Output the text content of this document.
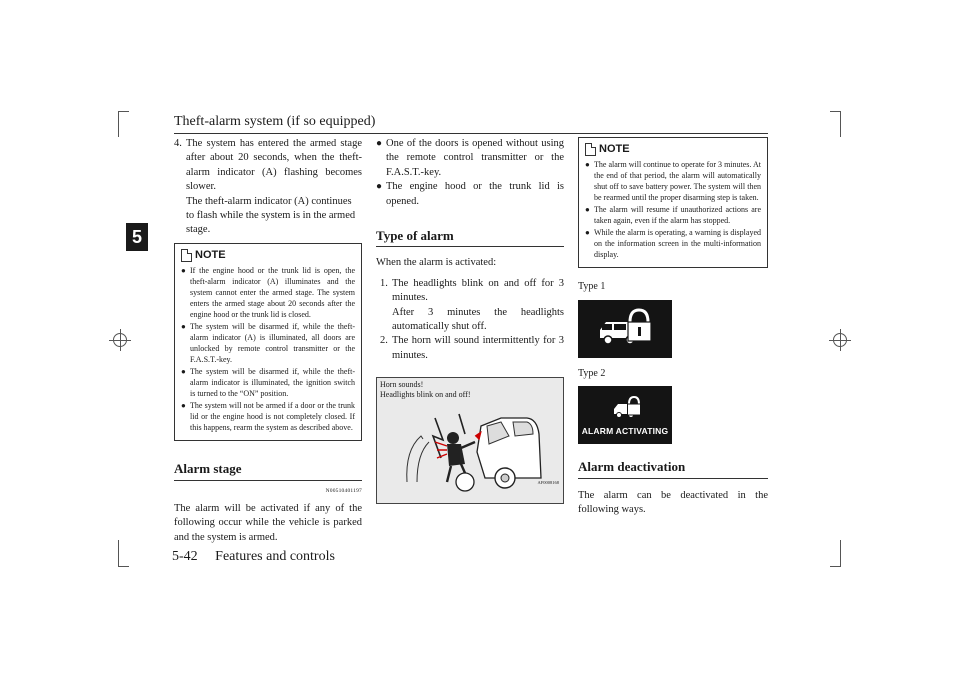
Theft-alarm system (if so equipped)
5
4. The system has entered the armed stage after about 20 seconds, when the theft-alarm indicator (A) flashing becomes slower.

The theft-alarm indicator (A) continues to flash while the system is in the armed stage.

NOTE
● If the engine hood or the trunk lid is open, the theft-alarm indicator (A) illuminates and the system cannot enter the armed stage. The system enters the armed stage about 20 seconds after the engine hood or the trunk lid is closed.
● The system will be disarmed if, while the theft-alarm indicator (A) is illuminated, all doors are unlocked by remote control transmitter or the F.A.S.T.-key.
● The system will be disarmed if, while the theft-alarm indicator is illuminated, the ignition switch is turned to the “ON” position.
● The system will not be armed if a door or the trunk lid or the engine hood is not completely closed. If this happens, rearm the system as described above.
Alarm stage
N00510401197

The alarm will be activated if any of the following occur while the vehicle is parked and the system is armed.

● One of the doors is opened without using the remote control transmitter or the F.A.S.T.-key.
● The engine hood or the trunk lid is opened.
Type of alarm

When the alarm is activated:

1. The headlights blink on and off for 3 minutes.

After 3 minutes the headlights automatically shut off.

2. The horn will sound intermittently for 3 minutes.

Horn sounds!
Headlights blink on and off!
AF0008168
NOTE
● The alarm will continue to operate for 3 minutes. At the end of that period, the alarm will automatically shut off to save battery power. The system will then be rearmed until the proper disarming step is taken.
● The alarm will resume if unauthorized actions are taken again, even if the alarm has stopped.
● While the alarm is operating, a warning is displayed on the information screen in the multi-information display.
Type 1
Type 2
ALARM ACTIVATING
Alarm deactivation

The alarm can be deactivated in the following ways.

5-42 Features and controls
